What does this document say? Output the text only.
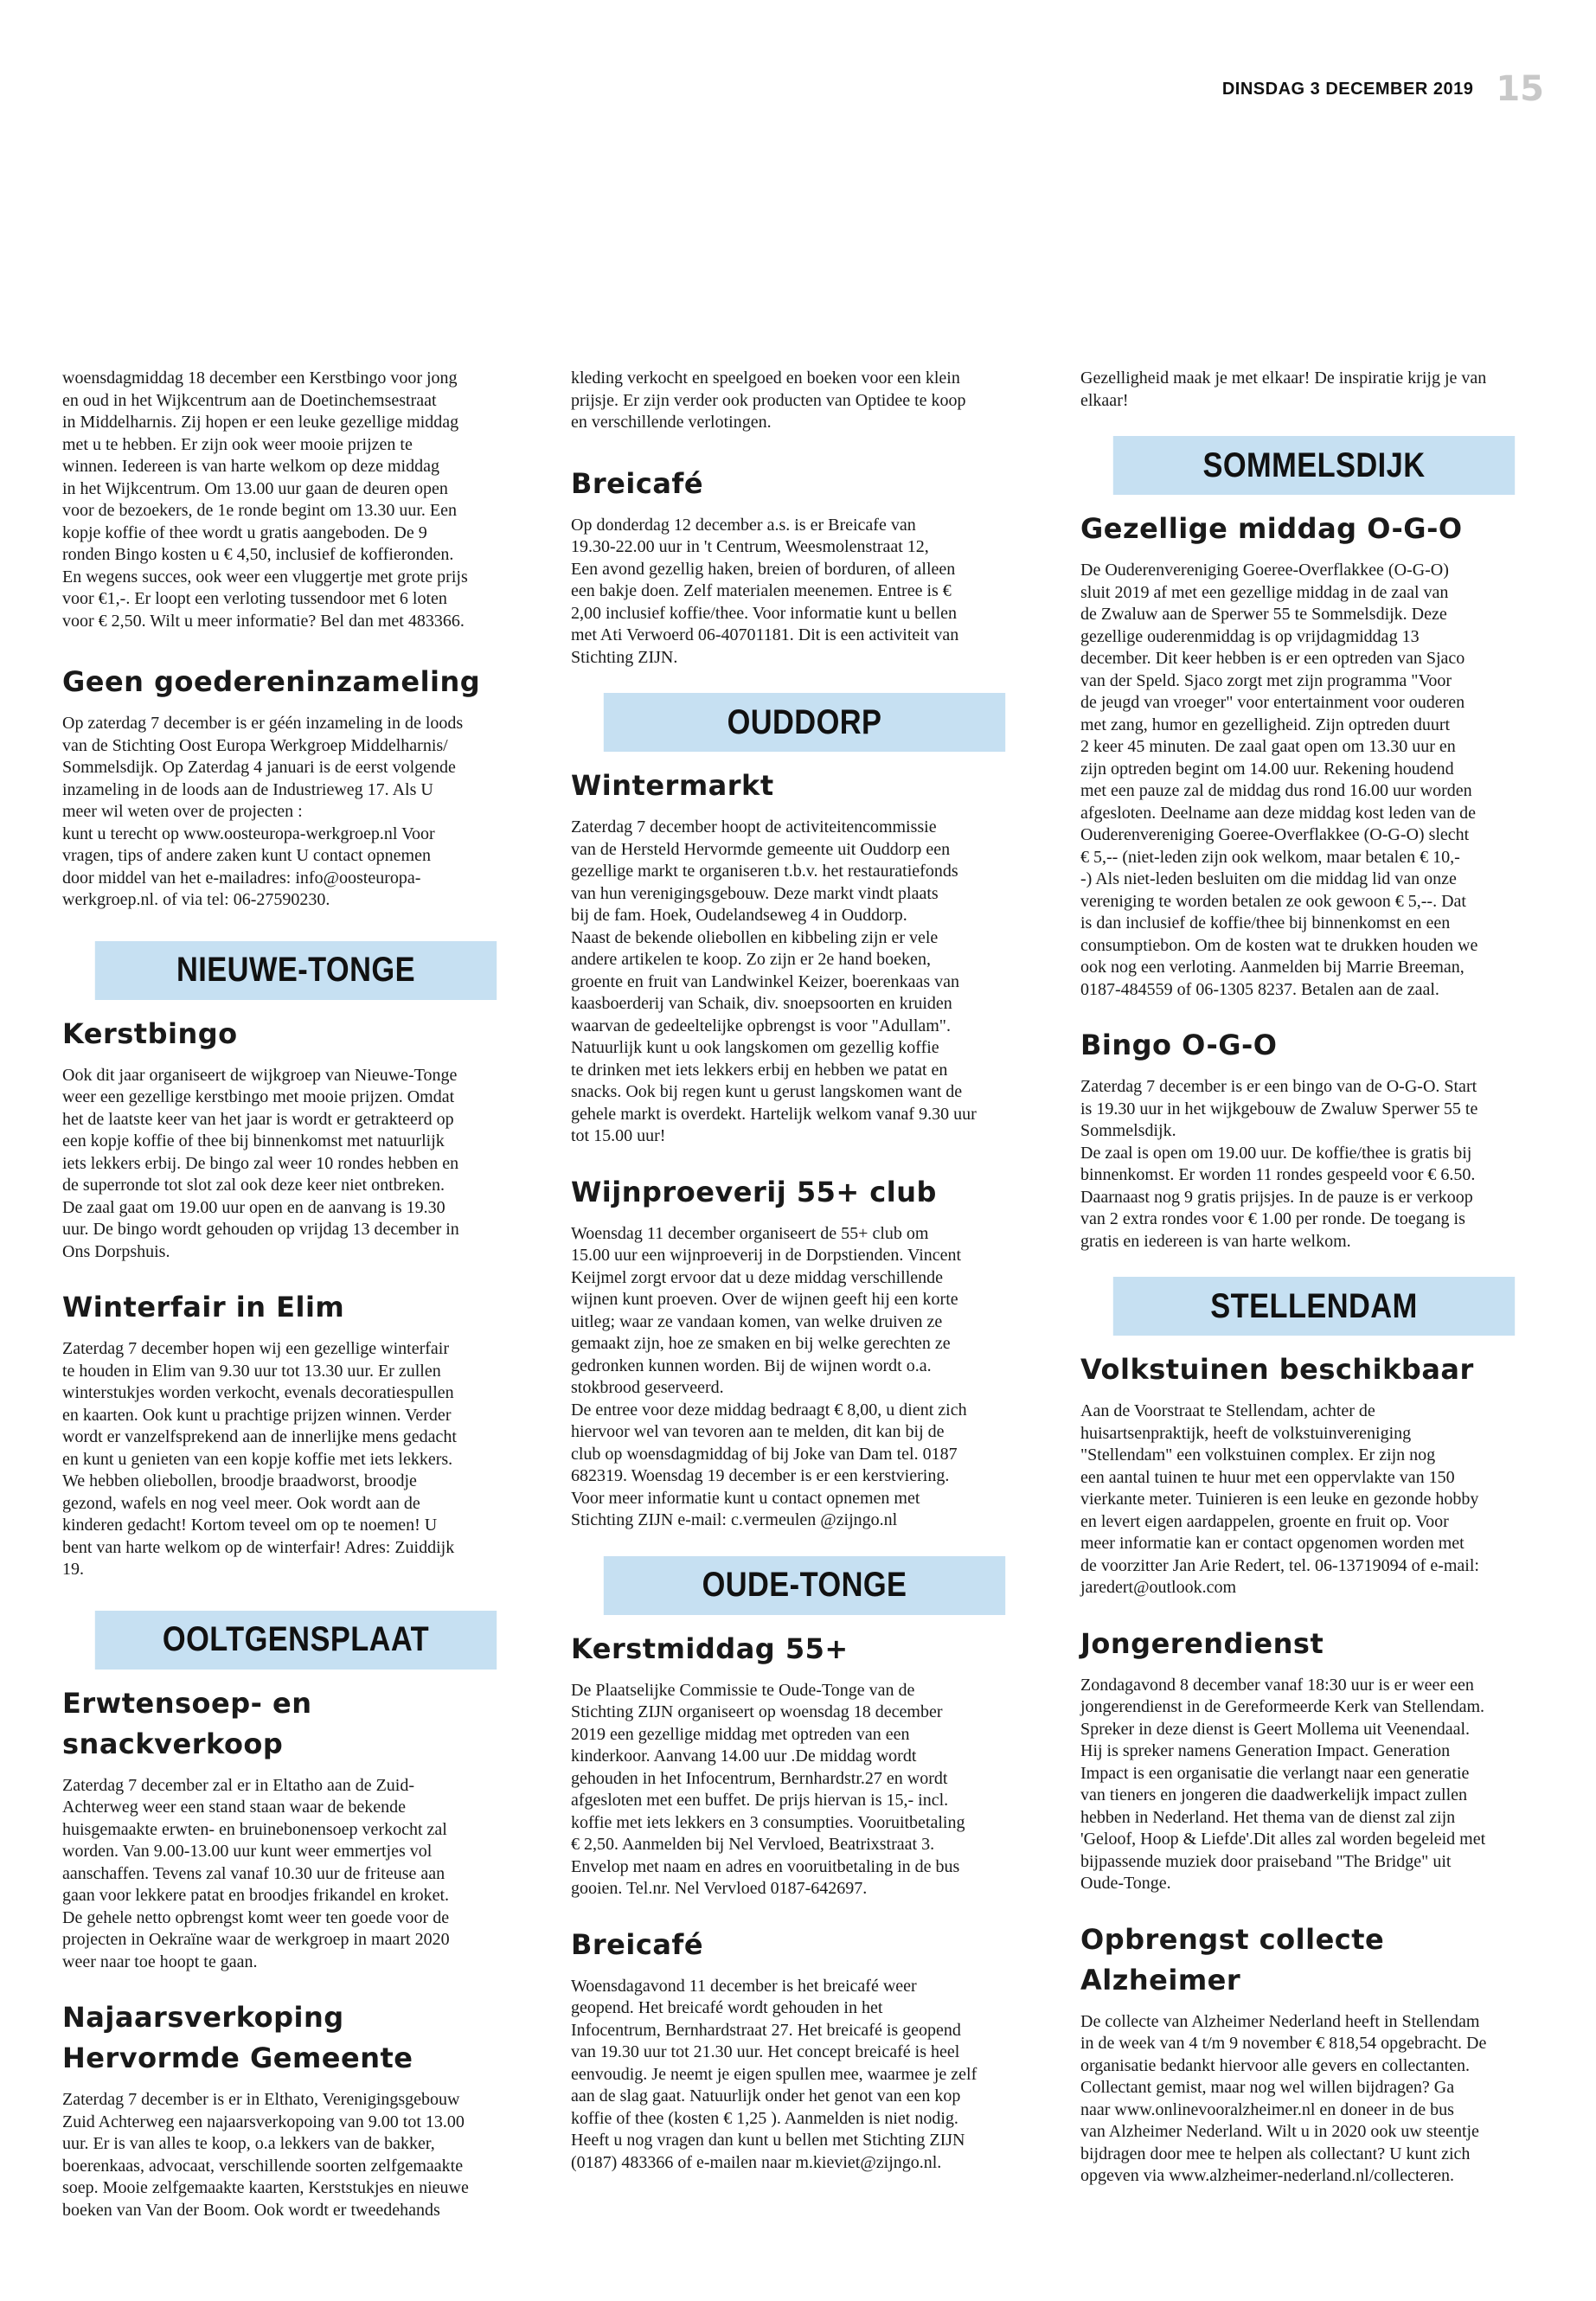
DINSDAG 3 DECEMBER 2019 15

woensdagmiddag 18 december een Kerstbingo voor jong
en oud in het Wijkcentrum aan de Doetinchemsestraat
in Middelharnis. Zij hopen er een leuke gezellige middag
met u te hebben. Er zijn ook weer mooie prijzen te
winnen. Iedereen is van harte welkom op deze middag
in het Wijkcentrum. Om 13.00 uur gaan de deuren open
voor de bezoekers, de 1e ronde begint om 13.30 uur. Een
kopje koffie of thee wordt u gratis aangeboden. De 9
ronden Bingo kosten u € 4,50, inclusief de koffieronden.
En wegens succes, ook weer een vluggertje met grote prijs
voor €1,-. Er loopt een verloting tussendoor met 6 loten
voor € 2,50. Wilt u meer informatie? Bel dan met 483366.

Geen goedereninzameling

Op zaterdag 7 december is er géén inzameling in de loods
van de Stichting Oost Europa Werkgroep Middelharnis/
Sommelsdijk. Op Zaterdag 4 januari is de eerst volgende
inzameling in de loods aan de Industrieweg 17. Als U
meer wil weten over de projecten :
kunt u terecht op www.oosteuropa-werkgroep.nl Voor
vragen, tips of andere zaken kunt U contact opnemen
door middel van het e-mailadres: info@oosteuropa-
werkgroep.nl. of via tel: 06-27590230.

NIEUWE-TONGE
Kerstbingo

Ook dit jaar organiseert de wijkgroep van Nieuwe-Tonge
weer een gezellige kerstbingo met mooie prijzen. Omdat
het de laatste keer van het jaar is wordt er getrakteerd op
een kopje koffie of thee bij binnenkomst met natuurlijk
iets lekkers erbij. De bingo zal weer 10 rondes hebben en
de superronde tot slot zal ook deze keer niet ontbreken.
De zaal gaat om 19.00 uur open en de aanvang is 19.30
uur. De bingo wordt gehouden op vrijdag 13 december in
Ons Dorpshuis.

Winterfair in Elim

Zaterdag 7 december hopen wij een gezellige winterfair
te houden in Elim van 9.30 uur tot 13.30 uur. Er zullen
winterstukjes worden verkocht, evenals decoratiespullen
en kaarten. Ook kunt u prachtige prijzen winnen. Verder
wordt er vanzelfsprekend aan de innerlijke mens gedacht
en kunt u genieten van een kopje koffie met iets lekkers.
We hebben oliebollen, broodje braadworst, broodje
gezond, wafels en nog veel meer. Ook wordt aan de
kinderen gedacht! Kortom teveel om op te noemen! U
bent van harte welkom op de winterfair! Adres: Zuiddijk
19.

OOLTGENSPLAAT
Erwtensoep- en snackverkoop

Zaterdag 7 december zal er in Eltatho aan de Zuid-
Achterweg weer een stand staan waar de bekende
huisgemaakte erwten- en bruinebonensoep verkocht zal
worden. Van 9.00-13.00 uur kunt weer emmertjes vol
aanschaffen. Tevens zal vanaf 10.30 uur de friteuse aan
gaan voor lekkere patat en broodjes frikandel en kroket.
De gehele netto opbrengst komt weer ten goede voor de
projecten in Oekraïne waar de werkgroep in maart 2020
weer naar toe hoopt te gaan.

Najaarsverkoping Hervormde Gemeente

Zaterdag 7 december is er in Elthato, Verenigingsgebouw
Zuid Achterweg een najaarsverkopoing van 9.00 tot 13.00
uur. Er is van alles te koop, o.a lekkers van de bakker,
boerenkaas, advocaat, verschillende soorten zelfgemaakte
soep. Mooie zelfgemaakte kaarten, Kerststukjes en nieuwe
boeken van Van der Boom. Ook wordt er tweedehands

kleding verkocht en speelgoed en boeken voor een klein
prijsje. Er zijn verder ook producten van Optidee te koop
en verschillende verlotingen.

Breicafé

Op donderdag 12 december a.s. is er Breicafe van
19.30-22.00 uur in 't Centrum, Weesmolenstraat 12,
Een avond gezellig haken, breien of borduren, of alleen
een bakje doen. Zelf materialen meenemen. Entree is €
2,00 inclusief koffie/thee. Voor informatie kunt u bellen
met Ati Verwoerd 06-40701181. Dit is een activiteit van
Stichting ZIJN.

OUDDORP
Wintermarkt

Zaterdag 7 december hoopt de activiteitencommissie
van de Hersteld Hervormde gemeente uit Ouddorp een
gezellige markt te organiseren t.b.v. het restauratiefonds
van hun verenigingsgebouw. Deze markt vindt plaats
bij de fam. Hoek, Oudelandseweg 4 in Ouddorp.
Naast de bekende oliebollen en kibbeling zijn er vele
andere artikelen te koop. Zo zijn er 2e hand boeken,
groente en fruit van Landwinkel Keizer, boerenkaas van
kaasboerderij van Schaik, div. snoepsoorten en kruiden
waarvan de gedeeltelijke opbrengst is voor "Adullam".
Natuurlijk kunt u ook langskomen om gezellig koffie
te drinken met iets lekkers erbij en hebben we patat en
snacks. Ook bij regen kunt u gerust langskomen want de
gehele markt is overdekt. Hartelijk welkom vanaf 9.30 uur
tot 15.00 uur!

Wijnproeverij 55+ club

Woensdag 11 december organiseert de 55+ club om
15.00 uur een wijnproeverij in de Dorpstienden. Vincent
Keijmel zorgt ervoor dat u deze middag verschillende
wijnen kunt proeven. Over de wijnen geeft hij een korte
uitleg; waar ze vandaan komen, van welke druiven ze
gemaakt zijn, hoe ze smaken en bij welke gerechten ze
gedronken kunnen worden. Bij de wijnen wordt o.a.
stokbrood geserveerd.
De entree voor deze middag bedraagt € 8,00, u dient zich
hiervoor wel van tevoren aan te melden, dit kan bij de
club op woensdagmiddag of bij Joke van Dam tel. 0187
682319. Woensdag 19 december is er een kerstviering.
Voor meer informatie kunt u contact opnemen met
Stichting ZIJN e-mail: c.vermeulen @zijngo.nl

OUDE-TONGE
Kerstmiddag 55+

De Plaatselijke Commissie te Oude-Tonge van de
Stichting ZIJN organiseert op woensdag 18 december
2019 een gezellige middag met optreden van een
kinderkoor. Aanvang 14.00 uur .De middag wordt
gehouden in het Infocentrum, Bernhardstr.27 en wordt
afgesloten met een buffet. De prijs hiervan is 15,- incl.
koffie met iets lekkers en 3 consumpties. Vooruitbetaling
€ 2,50. Aanmelden bij Nel Vervloed, Beatrixstraat 3.
Envelop met naam en adres en vooruitbetaling in de bus
gooien. Tel.nr. Nel Vervloed 0187-642697.

Breicafé

Woensdagavond 11 december is het breicafé weer
geopend. Het breicafé wordt gehouden in het
Infocentrum, Bernhardstraat 27. Het breicafé is geopend
van 19.30 uur tot 21.30 uur. Het concept breicafé is heel
eenvoudig. Je neemt je eigen spullen mee, waarmee je zelf
aan de slag gaat. Natuurlijk onder het genot van een kop
koffie of thee (kosten € 1,25 ). Aanmelden is niet nodig.
Heeft u nog vragen dan kunt u bellen met Stichting ZIJN
(0187) 483366 of e-mailen naar m.kieviet@zijngo.nl.

Gezelligheid maak je met elkaar! De inspiratie krijg je van
elkaar!

SOMMELSDIJK
Gezellige middag O-G-O

De Ouderenvereniging Goeree-Overflakkee (O-G-O)
sluit 2019 af met een gezellige middag in de zaal van
de Zwaluw aan de Sperwer 55 te Sommelsdijk. Deze
gezellige ouderenmiddag is op vrijdagmiddag 13
december. Dit keer hebben is er een optreden van Sjaco
van der Speld. Sjaco zorgt met zijn programma "Voor
de jeugd van vroeger" voor entertainment voor ouderen
met zang, humor en gezelligheid. Zijn optreden duurt
2 keer 45 minuten. De zaal gaat open om 13.30 uur en
zijn optreden begint om 14.00 uur. Rekening houdend
met een pauze zal de middag dus rond 16.00 uur worden
afgesloten. Deelname aan deze middag kost leden van de
Ouderenvereniging Goeree-Overflakkee (O-G-O) slecht
€ 5,-- (niet-leden zijn ook welkom, maar betalen € 10,-
-) Als niet-leden besluiten om die middag lid van onze
vereniging te worden betalen ze ook gewoon € 5,--. Dat
is dan inclusief de koffie/thee bij binnenkomst en een
consumptiebon. Om de kosten wat te drukken houden we
ook nog een verloting. Aanmelden bij Marrie Breeman,
0187-484559 of 06-1305 8237. Betalen aan de zaal.

Bingo O-G-O

Zaterdag 7 december is er een bingo van de O-G-O. Start
is 19.30 uur in het wijkgebouw de Zwaluw Sperwer 55 te
Sommelsdijk.
De zaal is open om 19.00 uur. De koffie/thee is gratis bij
binnenkomst. Er worden 11 rondes gespeeld voor € 6.50.
Daarnaast nog 9 gratis prijsjes. In de pauze is er verkoop
van 2 extra rondes voor € 1.00 per ronde. De toegang is
gratis en iedereen is van harte welkom.

STELLENDAM
Volkstuinen beschikbaar

Aan de Voorstraat te Stellendam, achter de
huisartsenpraktijk, heeft de volkstuinvereniging
"Stellendam" een volkstuinen complex. Er zijn nog
een aantal tuinen te huur met een oppervlakte van 150
vierkante meter. Tuinieren is een leuke en gezonde hobby
en levert eigen aardappelen, groente en fruit op. Voor
meer informatie kan er contact opgenomen worden met
de voorzitter Jan Arie Redert, tel. 06-13719094 of e-mail:
jaredert@outlook.com

Jongerendienst

Zondagavond 8 december vanaf 18:30 uur is er weer een
jongerendienst in de Gereformeerde Kerk van Stellendam.
Spreker in deze dienst is Geert Mollema uit Veenendaal.
Hij is spreker namens Generation Impact. Generation
Impact is een organisatie die verlangt naar een generatie
van tieners en jongeren die daadwerkelijk impact zullen
hebben in Nederland. Het thema van de dienst zal zijn
'Geloof, Hoop & Liefde'.Dit alles zal worden begeleid met
bijpassende muziek door praiseband "The Bridge" uit
Oude-Tonge.

Opbrengst collecte Alzheimer

De collecte van Alzheimer Nederland heeft in Stellendam
in de week van 4 t/m 9 november € 818,54 opgebracht. De
organisatie bedankt hiervoor alle gevers en collectanten.
Collectant gemist, maar nog wel willen bijdragen? Ga
naar www.onlinevooralzheimer.nl en doneer in de bus
van Alzheimer Nederland. Wilt u in 2020 ook uw steentje
bijdragen door mee te helpen als collectant? U kunt zich
opgeven via www.alzheimer-nederland.nl/collecteren.
